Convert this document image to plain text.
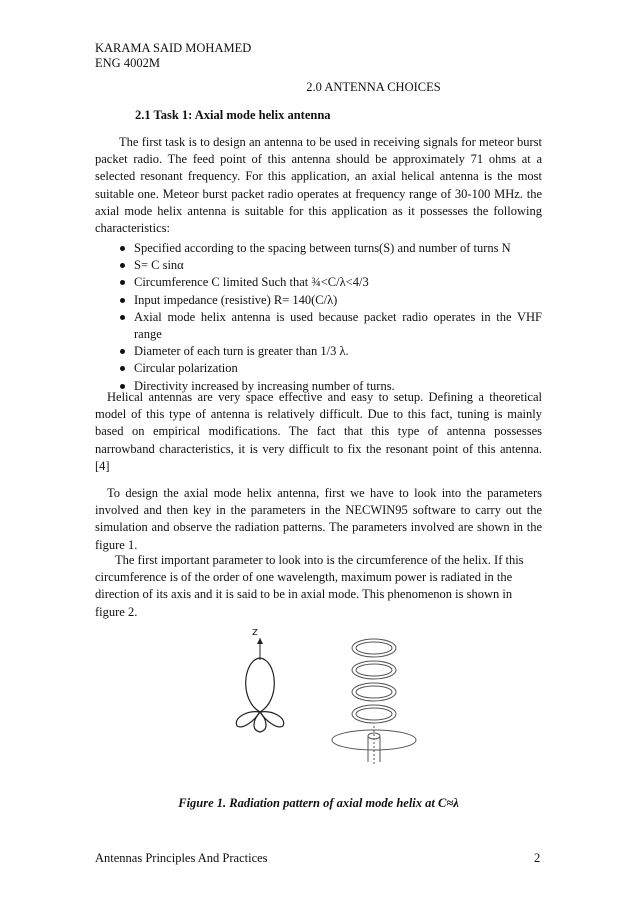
KARAMA SAID MOHAMED
ENG 4002M
2.0 ANTENNA CHOICES
2.1 Task 1: Axial mode helix antenna

The first task is to design an antenna to be used in receiving signals for meteor burst packet radio. The feed point of this antenna should be approximately 71 ohms at a selected resonant frequency. For this application, an axial helical antenna is the most suitable one. Meteor burst packet radio operates at frequency range of 30-100 MHz. the axial mode helix antenna is suitable for this application as it possesses the following characteristics:

Specified according to the spacing between turns(S) and number of turns N
S= C sinα
Circumference C limited Such that ¾<C/λ<4/3
Input impedance (resistive) R= 140(C/λ)
Axial mode helix antenna is used because packet radio operates in the VHF range
Diameter of each turn is greater than 1/3 λ.
Circular polarization
Directivity increased by increasing number of turns.

Helical antennas are very space effective and easy to setup. Defining a theoretical model of this type of antenna is relatively difficult. Due to this fact, tuning is mainly based on empirical modifications. The fact that this type of antenna possesses narrowband characteristics, it is very difficult to fix the resonant point of this antenna. [4]

To design the axial mode helix antenna, first we have to look into the parameters involved and then key in the parameters in the NECWIN95 software to carry out the simulation and observe the radiation patterns. The parameters involved are shown in the figure 1.

The first important parameter to look into is the circumference of the helix. If this circumference is of the order of one wavelength, maximum power is radiated in the direction of its axis and it is said to be in axial mode. This phenomenon is shown in figure 2.

z
Figure 1. Radiation pattern of axial mode helix at C≈λ
Antennas Principles And Practices	2
